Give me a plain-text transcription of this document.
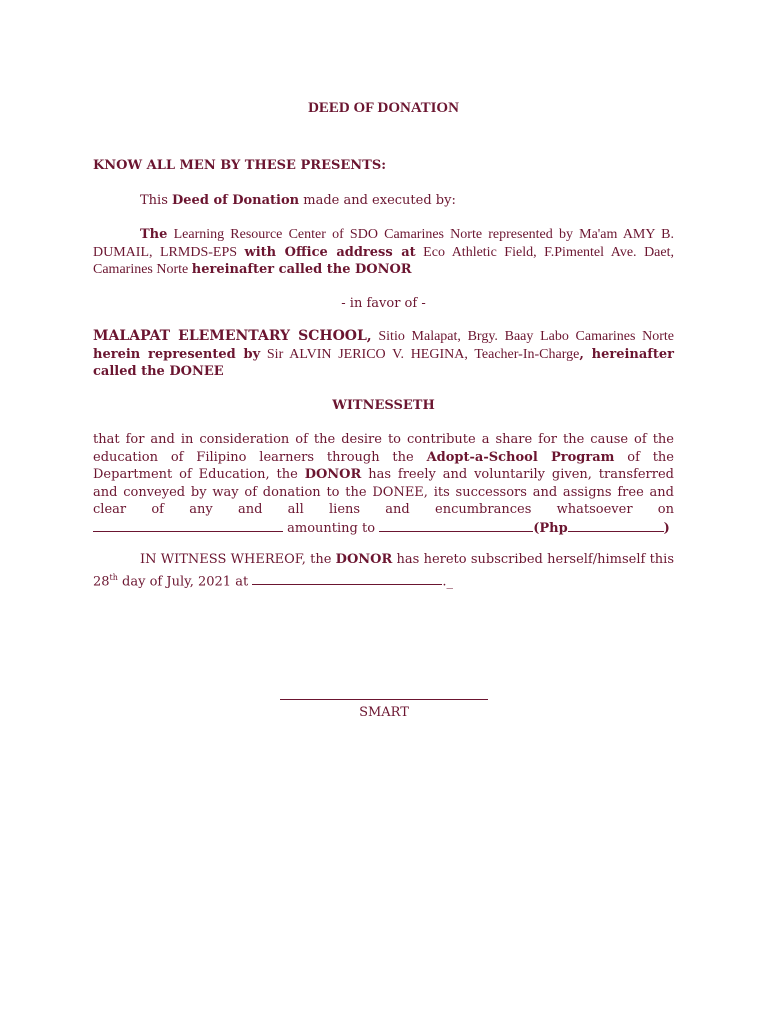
DEED OF DONATION
KNOW ALL MEN BY THESE PRESENTS:
This Deed of Donation made and executed by:
The Learning Resource Center of SDO Camarines Norte represented by Ma'am AMY B. DUMAIL, LRMDS-EPS with Office address at Eco Athletic Field, F.Pimentel Ave. Daet, Camarines Norte hereinafter called the DONOR
- in favor of -
MALAPAT ELEMENTARY SCHOOL, Sitio Malapat, Brgy. Baay Labo Camarines Norte herein represented by Sir ALVIN JERICO V. HEGINA, Teacher-In-Charge, hereinafter called the DONEE
WITNESSETH
that for and in consideration of the desire to contribute a share for the cause of the education of Filipino learners through the Adopt-a-School Program of the Department of Education, the DONOR has freely and voluntarily given, transferred and conveyed by way of donation to the DONEE, its successors and assigns free and clear of any and all liens and encumbrances whatsoever on  amounting to	(Php	)
IN WITNESS WHEREOF, the DONOR has hereto subscribed herself/himself this 28th day of July, 2021 at	._
SMART
